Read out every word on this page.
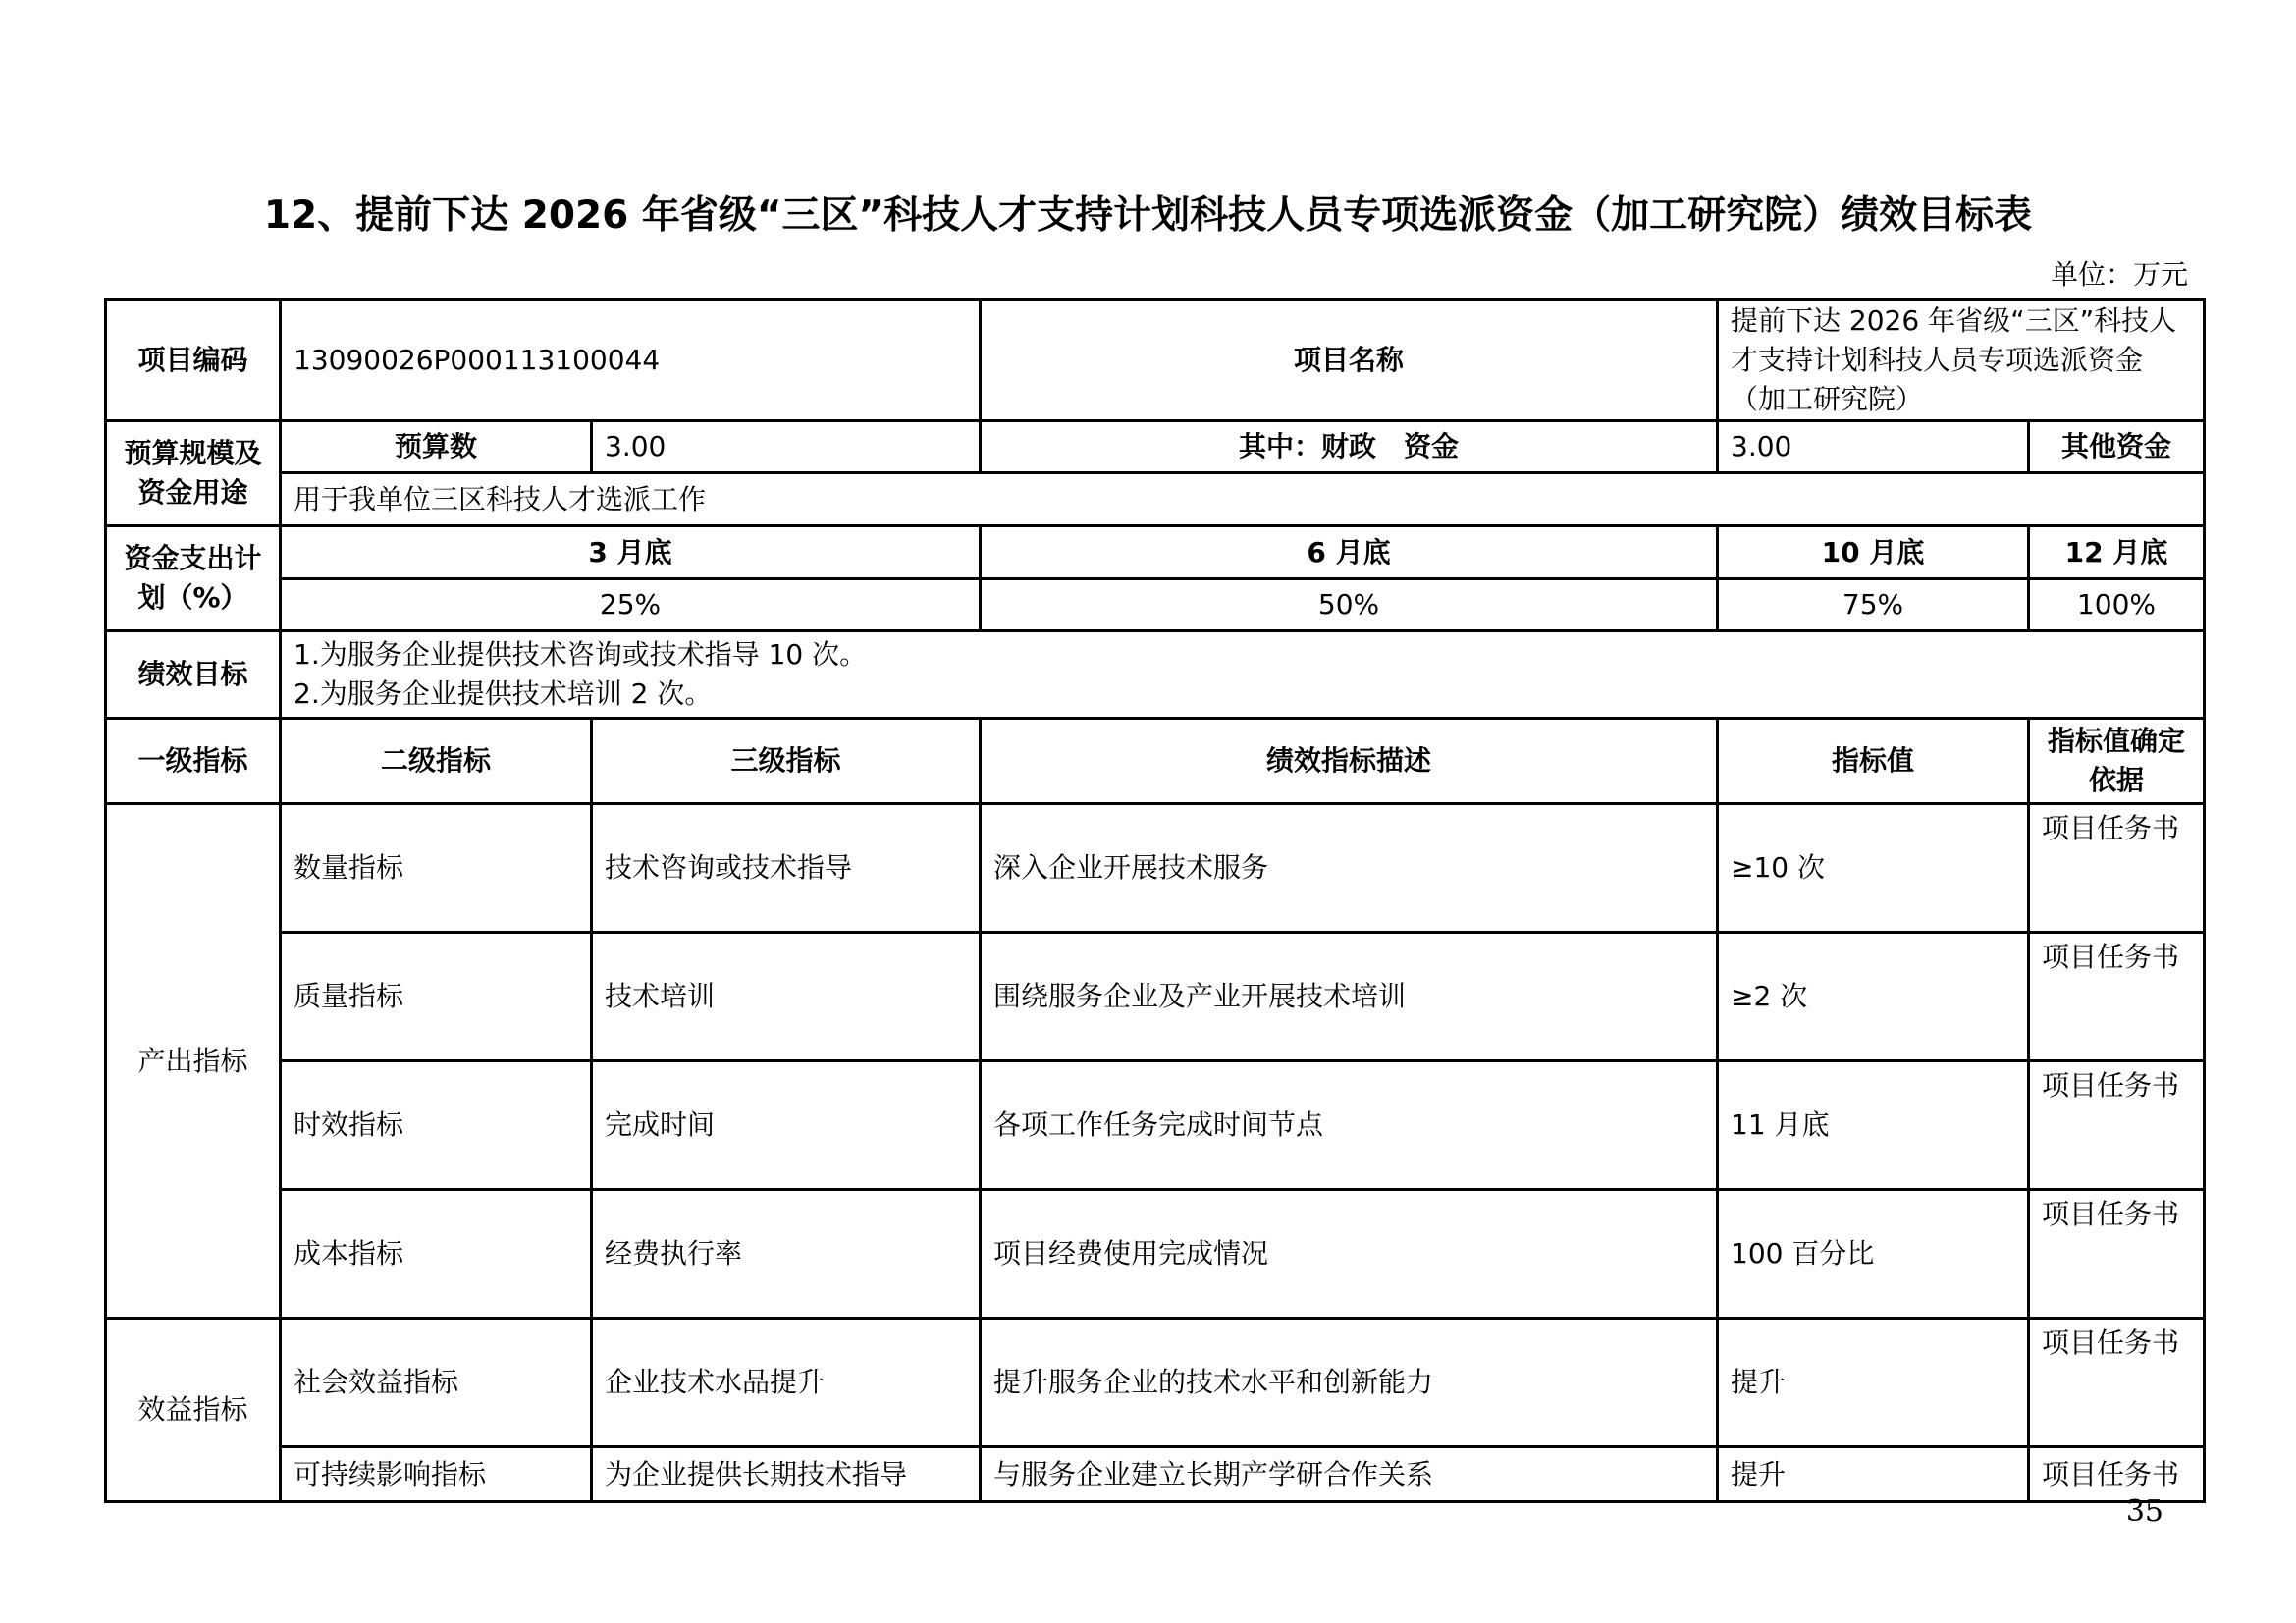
12、提前下达 2026 年省级“三区”科技人才支持计划科技人员专项选派资金（加工研究院）绩效目标表
单位：万元
项目编码	13090026P000113100044		项目名称	提前下达 2026 年省级“三区”科技人才支持计划科技人员专项选派资金（加工研究院）		
预算规模及资金用途	预算数	3.00	其中：财政　资金	3.00	其他资金	
	用于我单位三区科技人才选派工作					
资金支出计划（%）	3 月底		6 月底	10 月底	12 月底	
	25%		50%	75%	100%	
绩效目标	1.为服务企业提供技术咨询或技术指导 10 次。
2.为服务企业提供技术培训 2 次。					

一级指标	二级指标	三级指标	绩效指标描述	指标值	指标值确定依据	
产出指标	数量指标	技术咨询或技术指导	深入企业开展技术服务	≥10 次	项目任务书	
	质量指标	技术培训	围绕服务企业及产业开展技术培训	≥2 次	项目任务书	
	时效指标	完成时间	各项工作任务完成时间节点	11 月底	项目任务书	
	成本指标	经费执行率	项目经费使用完成情况	100 百分比	项目任务书	
效益指标	社会效益指标	企业技术水品提升	提升服务企业的技术水平和创新能力	提升	项目任务书	
	可持续影响指标	为企业提供长期技术指导	与服务企业建立长期产学研合作关系	提升	项目任务书	
35
